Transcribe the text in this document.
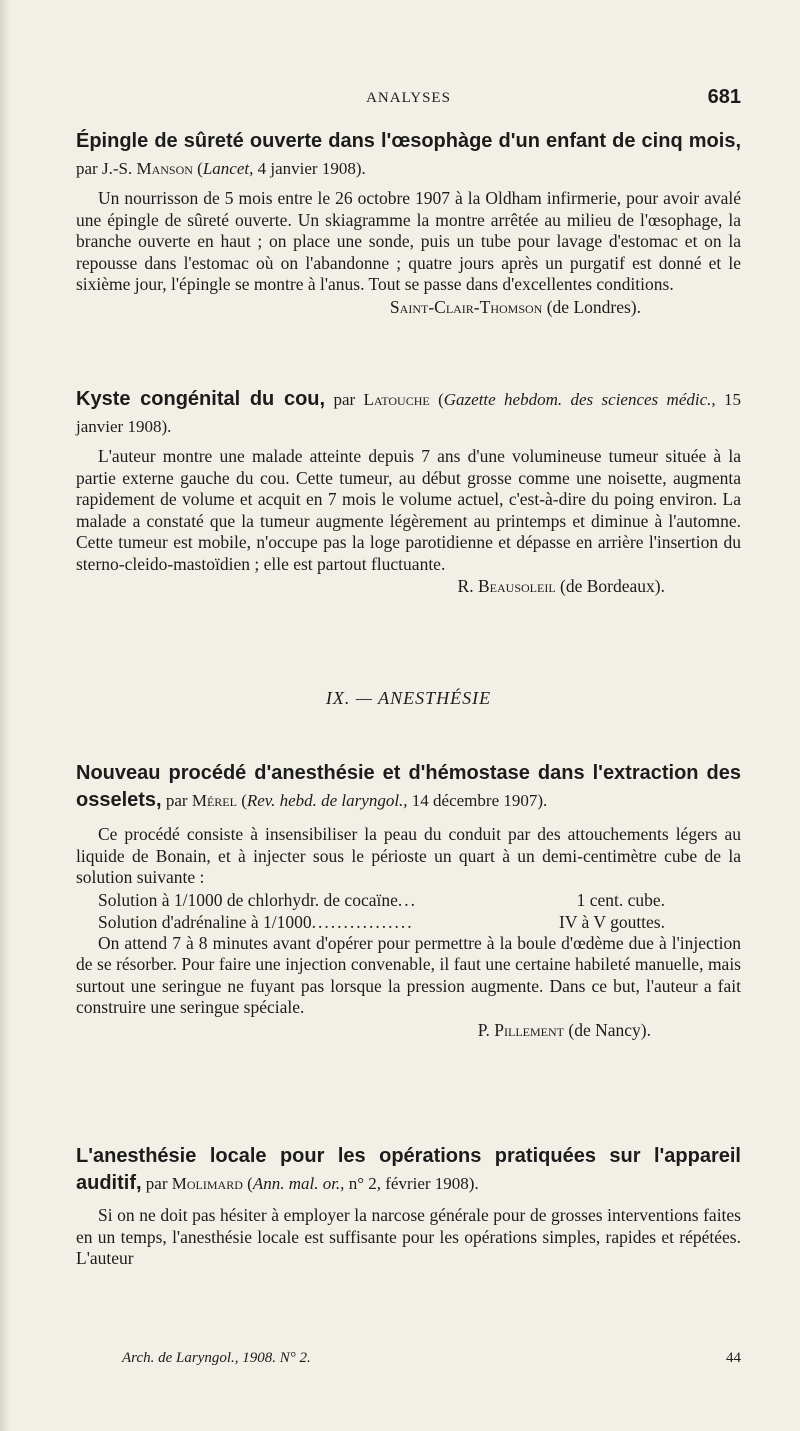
ANALYSES	681
Épingle de sûreté ouverte dans l'œsophàge d'un enfant de cinq mois, par J.-S. Manson (Lancet, 4 janvier 1908).

Un nourrisson de 5 mois entre le 26 octobre 1907 à la Oldham infirmerie, pour avoir avalé une épingle de sûreté ouverte. Un skiagramme la montre arrêtée au milieu de l'œsophage, la branche ouverte en haut ; on place une sonde, puis un tube pour lavage d'estomac et on la repousse dans l'estomac où on l'abandonne ; quatre jours après un purgatif est donné et le sixième jour, l'épingle se montre à l'anus. Tout se passe dans d'excellentes conditions.

Saint-Clair-Thomson (de Londres).
Kyste congénital du cou, par Latouche (Gazette hebdom. des sciences médic., 15 janvier 1908).

L'auteur montre une malade atteinte depuis 7 ans d'une volumineuse tumeur située à la partie externe gauche du cou. Cette tumeur, au début grosse comme une noisette, augmenta rapidement de volume et acquit en 7 mois le volume actuel, c'est-à-dire du poing environ. La malade a constaté que la tumeur augmente légèrement au printemps et diminue à l'automne. Cette tumeur est mobile, n'occupe pas la loge parotidienne et dépasse en arrière l'insertion du sterno-cleido-mastoïdien ; elle est partout fluctuante.

R. Beausoleil (de Bordeaux).
IX. — ANESTHÉSIE
Nouveau procédé d'anesthésie et d'hémostase dans l'extraction des osselets, par Mérel (Rev. hebd. de laryngol., 14 décembre 1907).

Ce procédé consiste à insensibiliser la peau du conduit par des attouchements légers au liquide de Bonain, et à injecter sous le périoste un quart à un demi-centimètre cube de la solution suivante :

Solution à 1/1000 de chlorhydr. de cocaïne ...	1 cent. cube.
Solution d'adrénaline à 1/1000 ................	IV à V gouttes.

On attend 7 à 8 minutes avant d'opérer pour permettre à la boule d'œdème due à l'injection de se résorber. Pour faire une injection convenable, il faut une certaine habileté manuelle, mais surtout une seringue ne fuyant pas lorsque la pression augmente. Dans ce but, l'auteur a fait construire une seringue spéciale.

P. Pillement (de Nancy).
L'anesthésie locale pour les opérations pratiquées sur l'appareil auditif, par Molimard (Ann. mal. or., n° 2, février 1908).

Si on ne doit pas hésiter à employer la narcose générale pour de grosses interventions faites en un temps, l'anesthésie locale est suffisante pour les opérations simples, rapides et répétées. L'auteur

Arch. de Laryngol., 1908. N° 2.	44
